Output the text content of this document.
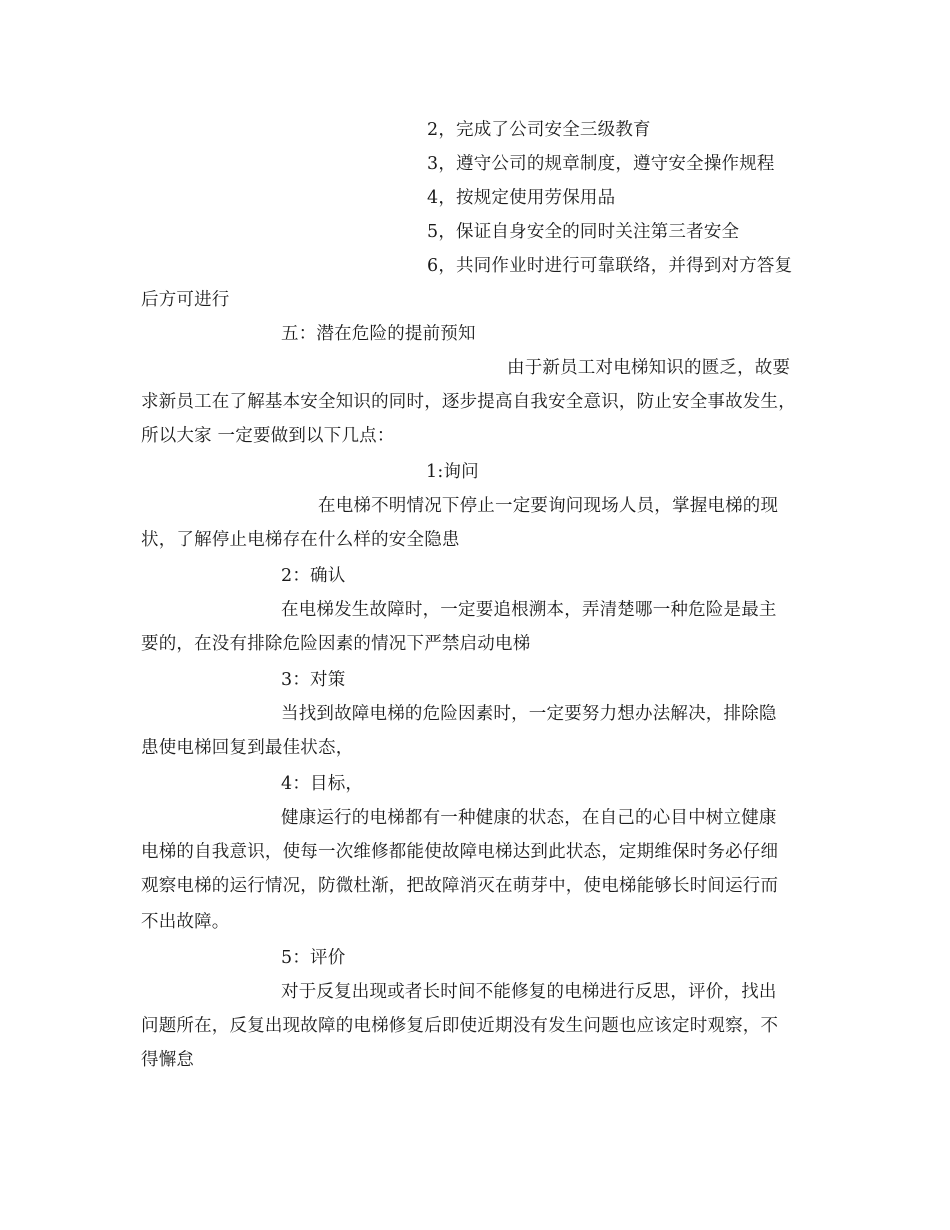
2，完成了公司安全三级教育
3，遵守公司的规章制度，遵守安全操作规程
4，按规定使用劳保用品
5，保证自身安全的同时关注第三者安全
6，共同作业时进行可靠联络，并得到对方答复
后方可进行
五：潜在危险的提前预知
由于新员工对电梯知识的匮乏，故要
求新员工在了解基本安全知识的同时，逐步提高自我安全意识，防止安全事故发生，
所以大家 一定要做到以下几点：
1:询问
在电梯不明情况下停止一定要询问现场人员，掌握电梯的现
状，了解停止电梯存在什么样的安全隐患
2：确认
在电梯发生故障时，一定要追根溯本，弄清楚哪一种危险是最主
要的，在没有排除危险因素的情况下严禁启动电梯
3：对策
当找到故障电梯的危险因素时，一定要努力想办法解决，排除隐
患使电梯回复到最佳状态，
4：目标，
健康运行的电梯都有一种健康的状态，在自己的心目中树立健康
电梯的自我意识，使每一次维修都能使故障电梯达到此状态，定期维保时务必仔细
观察电梯的运行情况，防微杜渐，把故障消灭在萌芽中，使电梯能够长时间运行而
不出故障。
5：评价
对于反复出现或者长时间不能修复的电梯进行反思，评价，找出
问题所在，反复出现故障的电梯修复后即使近期没有发生问题也应该定时观察，不
得懈怠
